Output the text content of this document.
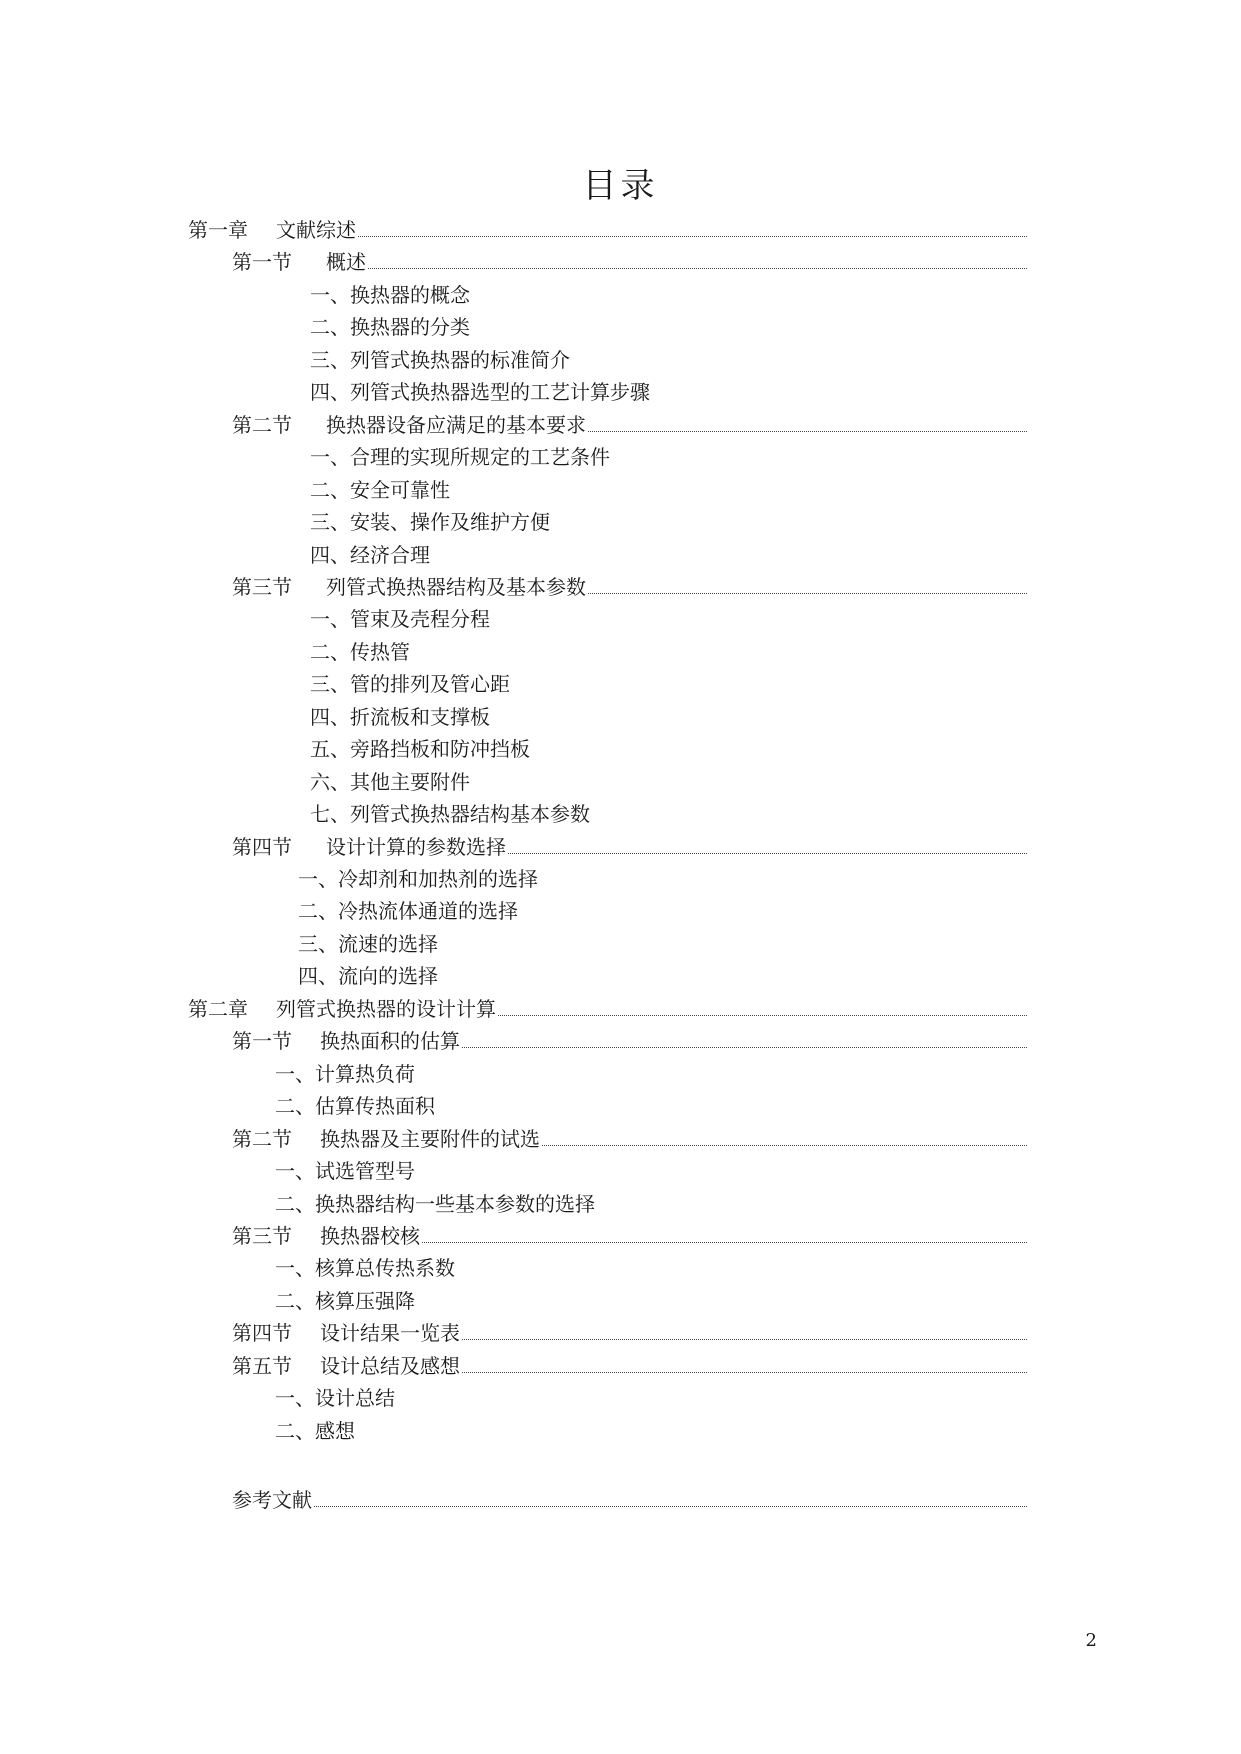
目录
第一章 文献综述
第一节 概述
一、换热器的概念
二、换热器的分类
三、列管式换热器的标准简介
四、列管式换热器选型的工艺计算步骤
第二节 换热器设备应满足的基本要求
一、合理的实现所规定的工艺条件
二、安全可靠性
三、安装、操作及维护方便
四、经济合理
第三节 列管式换热器结构及基本参数
一、管束及壳程分程
二、传热管
三、管的排列及管心距
四、折流板和支撑板
五、旁路挡板和防冲挡板
六、其他主要附件
七、列管式换热器结构基本参数
第四节 设计计算的参数选择
一、冷却剂和加热剂的选择
二、冷热流体通道的选择
三、流速的选择
四、流向的选择
第二章 列管式换热器的设计计算
第一节 换热面积的估算
一、计算热负荷
二、估算传热面积
第二节 换热器及主要附件的试选
一、试选管型号
二、换热器结构一些基本参数的选择
第三节 换热器校核
一、核算总传热系数
二、核算压强降
第四节 设计结果一览表
第五节 设计总结及感想
一、设计总结
二、感想
参考文献
2
